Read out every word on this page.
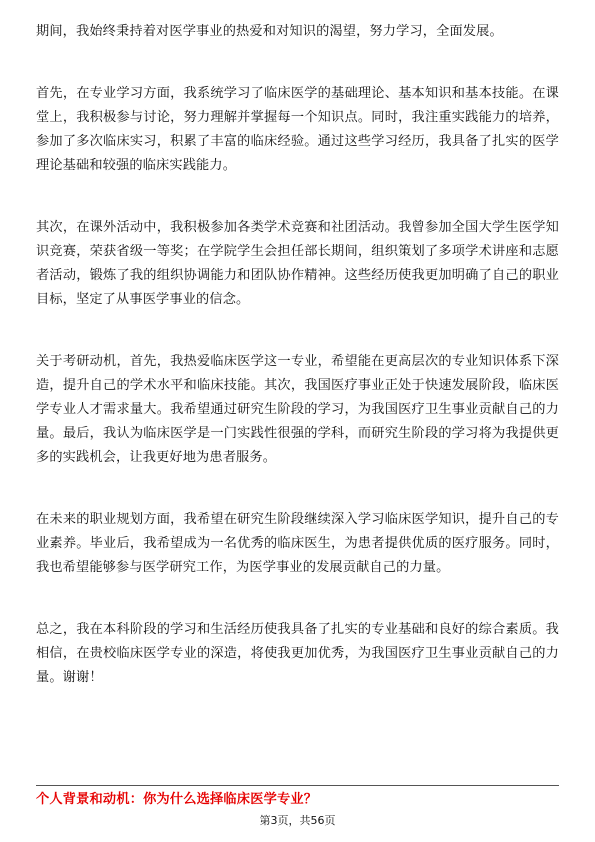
期间，我始终秉持着对医学事业的热爱和对知识的渴望，努力学习，全面发展。

首先，在专业学习方面，我系统学习了临床医学的基础理论、基本知识和基本技能。在课堂上，我积极参与讨论，努力理解并掌握每一个知识点。同时，我注重实践能力的培养，参加了多次临床实习，积累了丰富的临床经验。通过这些学习经历，我具备了扎实的医学理论基础和较强的临床实践能力。

其次，在课外活动中，我积极参加各类学术竞赛和社团活动。我曾参加全国大学生医学知识竞赛，荣获省级一等奖；在学院学生会担任部长期间，组织策划了多项学术讲座和志愿者活动，锻炼了我的组织协调能力和团队协作精神。这些经历使我更加明确了自己的职业目标，坚定了从事医学事业的信念。

关于考研动机，首先，我热爱临床医学这一专业，希望能在更高层次的专业知识体系下深造，提升自己的学术水平和临床技能。其次，我国医疗事业正处于快速发展阶段，临床医学专业人才需求量大。我希望通过研究生阶段的学习，为我国医疗卫生事业贡献自己的力量。最后，我认为临床医学是一门实践性很强的学科，而研究生阶段的学习将为我提供更多的实践机会，让我更好地为患者服务。

在未来的职业规划方面，我希望在研究生阶段继续深入学习临床医学知识，提升自己的专业素养。毕业后，我希望成为一名优秀的临床医生，为患者提供优质的医疗服务。同时，我也希望能够参与医学研究工作，为医学事业的发展贡献自己的力量。

总之，我在本科阶段的学习和生活经历使我具备了扎实的专业基础和良好的综合素质。我相信，在贵校临床医学专业的深造，将使我更加优秀，为我国医疗卫生事业贡献自己的力量。谢谢！

个人背景和动机：你为什么选择临床医学专业？

第3页，共56页
